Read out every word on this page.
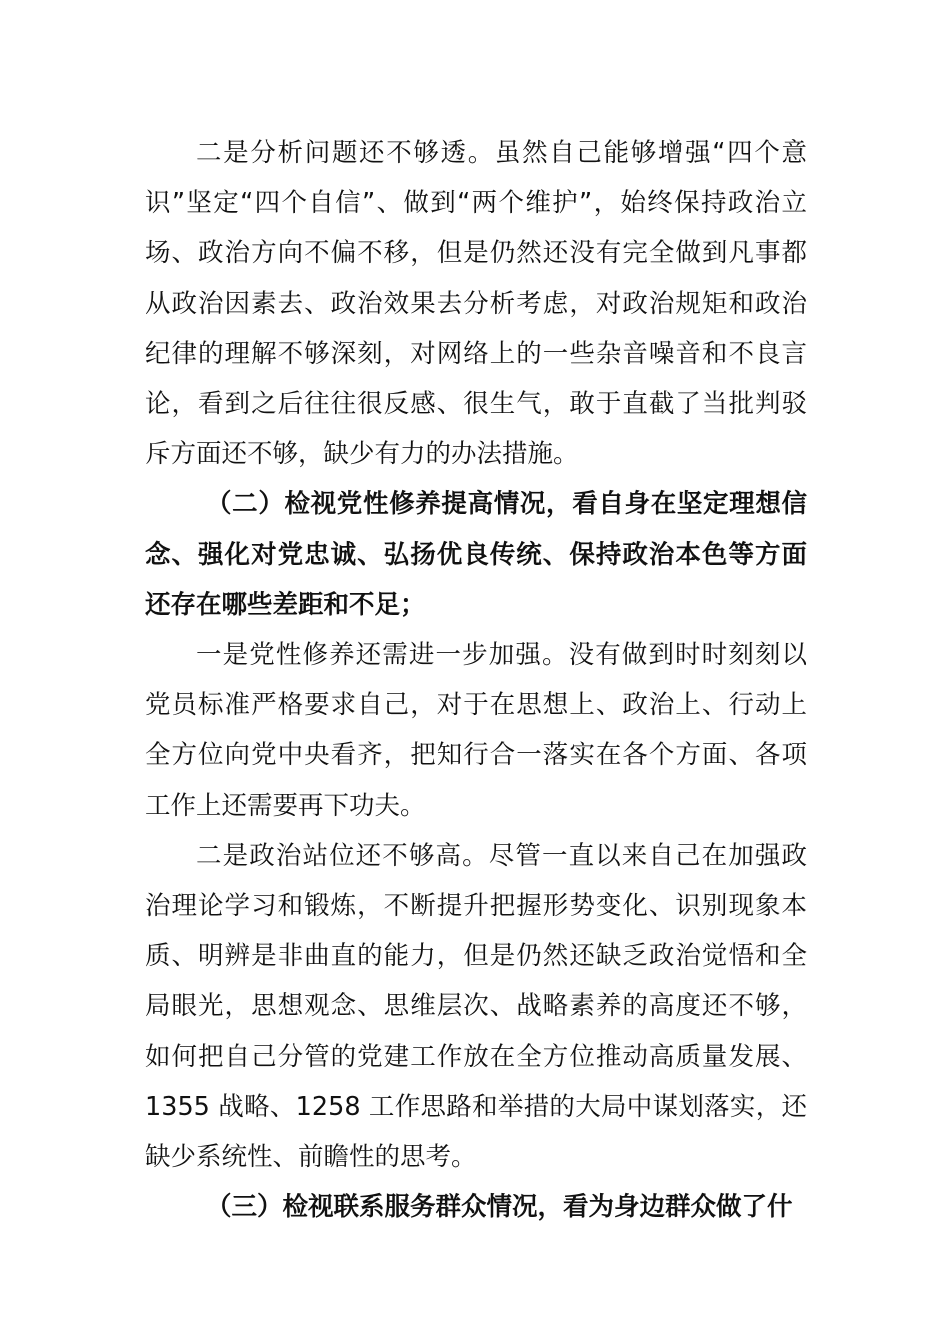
二是分析问题还不够透。虽然自己能够增强“四个意识”坚定“四个自信”、做到“两个维护”，始终保持政治立场、政治方向不偏不移，但是仍然还没有完全做到凡事都从政治因素去、政治效果去分析考虑，对政治规矩和政治纪律的理解不够深刻，对网络上的一些杂音噪音和不良言论，看到之后往往很反感、很生气，敢于直截了当批判驳斥方面还不够，缺少有力的办法措施。

（二）检视党性修养提高情况，看自身在坚定理想信念、强化对党忠诚、弘扬优良传统、保持政治本色等方面还存在哪些差距和不足；

一是党性修养还需进一步加强。没有做到时时刻刻以党员标准严格要求自己，对于在思想上、政治上、行动上全方位向党中央看齐，把知行合一落实在各个方面、各项工作上还需要再下功夫。

二是政治站位还不够高。尽管一直以来自己在加强政治理论学习和锻炼，不断提升把握形势变化、识别现象本质、明辨是非曲直的能力，但是仍然还缺乏政治觉悟和全局眼光，思想观念、思维层次、战略素养的高度还不够，如何把自己分管的党建工作放在全方位推动高质量发展、1355 战略、1258 工作思路和举措的大局中谋划落实，还缺少系统性、前瞻性的思考。

（三）检视联系服务群众情况，看为身边群众做了什
